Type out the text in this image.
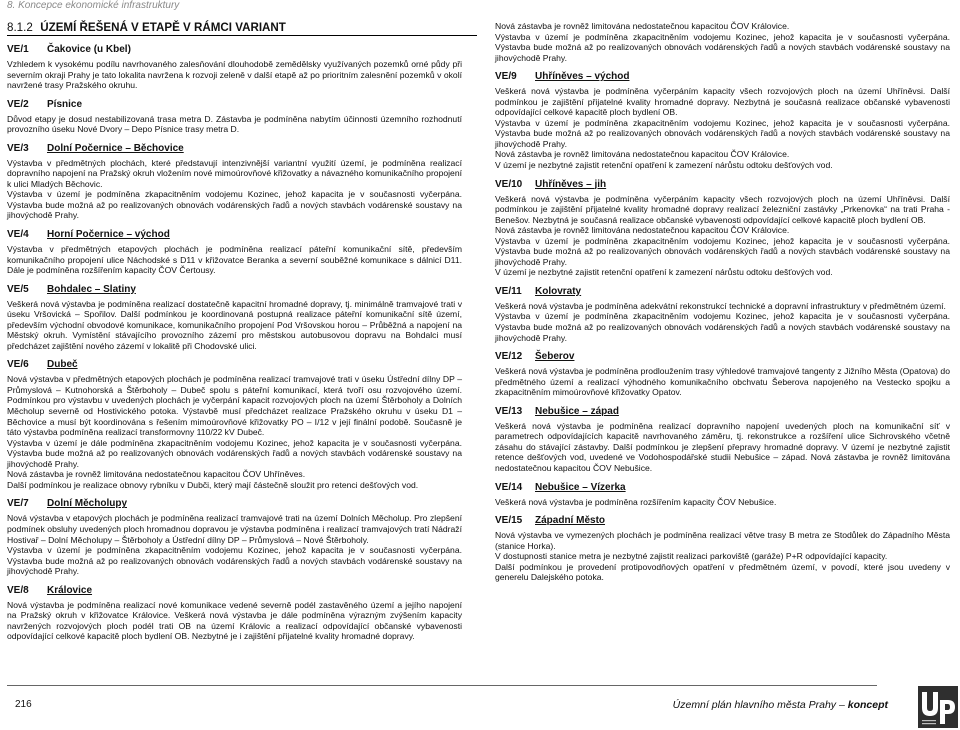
8. Koncepce ekonomické infrastruktury
8.1.2 ÚZEMÍ ŘEŠENÁ V ETAPĚ V RÁMCI VARIANT
VE/1 Čakovice (u Kbel)

Vzhledem k vysokému podílu navrhovaného zalesňování dlouhodobě zemědělsky využívaných pozemků orné půdy při severním okraji Prahy je tato lokalita navržena k rozvoji zeleně v další etapě až po prioritním zalesnění pozemků v okolí navržené trasy Pražského okruhu.

VE/2 Písnice

Důvod etapy je dosud nestabilizovaná trasa metra D. Zástavba je podmíněna nabytím účinnosti územního rozhodnutí provozního úseku Nové Dvory – Depo Písnice trasy metra D.

VE/3 Dolní Počernice – Běchovice

Výstavba v předmětných plochách, které představují intenzivnější variantní využití území, je podmíněna realizací dopravního napojení na Pražský okruh vložením nové mimoúrovňové křižovatky a návazného komunikačního propojení k ulici Mladých Běchovic.

Výstavba v území je podmíněna zkapacitněním vodojemu Kozinec, jehož kapacita je v současnosti vyčerpána. Výstavba bude možná až po realizovaných obnovách vodárenských řadů a nových stavbách vodárenské soustavy na jihovýchodě Prahy.

VE/4 Horní Počernice – východ

Výstavba v předmětných etapových plochách je podmíněna realizací páteřní komunikační sítě, především komunikačního propojení ulice Náchodské s D11 v křižovatce Beranka a severní souběžné komunikace s dálnicí D11. Dále je podmíněna rozšířením kapacity ČOV Čertousy.

VE/5 Bohdalec – Slatiny

Veškerá nová výstavba je podmíněna realizací dostatečně kapacitní hromadné dopravy, tj. minimálně tramvajové trati v úseku Vršovická – Spořilov. Další podmínkou je koordinovaná postupná realizace páteřní komunikační sítě území, především východní obvodové komunikace, komunikačního propojení Pod Vršovskou horou – Průběžná a napojení na Městský okruh. Vymístění stávajícího provozního zázemí pro městskou autobusovou dopravu na Bohdalci musí předcházet zajištění nového zázemí v lokalitě při Chodovské ulici.

VE/6 Dubeč

Nová výstavba v předmětných etapových plochách je podmíněna realizací tramvajové trati v úseku Ústřední dílny DP – Průmyslová – Kutnohorská a Štěrboholy – Dubeč spolu s páteřní komunikací, která tvoří osu rozvojového území. Podmínkou pro výstavbu v uvedených plochách je vyčerpání kapacit rozvojových ploch na území Štěrboholy a Dolních Měcholup severně od Hostivického potoka. Výstavbě musí předcházet realizace Pražského okruhu v úseku D1 – Běchovice a musí být koordinována s řešením mimoúrovňové křižovatky PO – I/12 v její finální podobě. Současně je táto výstavba podmíněna realizací transformovny 110/22 kV Dubeč.

Výstavba v území je dále podmíněna zkapacitněním vodojemu Kozinec, jehož kapacita je v současnosti vyčerpána. Výstavba bude možná až po realizovaných obnovách vodárenských řadů a nových stavbách vodárenské soustavy na jihovýchodě Prahy.

Nová zástavba je rovněž limitována nedostatečnou kapacitou ČOV Uhříněves.

Další podmínkou je realizace obnovy rybníku v Dubči, který mají částečně sloužit pro retenci dešťových vod.

VE/7 Dolní Měcholupy

Nová výstavba v etapových plochách je podmíněna realizací tramvajové trati na území Dolních Měcholup. Pro zlepšení podmínek obsluhy uvedených ploch hromadnou dopravou je výstavba podmíněna i realizací tramvajových tratí Nádraží Hostivař – Dolní Měcholupy – Štěrboholy a Ústřední dílny DP – Průmyslová – Nové Štěrboholy.

Výstavba v území je podmíněna zkapacitněním vodojemu Kozinec, jehož kapacita je v současnosti vyčerpána. Výstavba bude možná až po realizovaných obnovách vodárenských řadů a nových stavbách vodárenské soustavy na jihovýchodě Prahy.

VE/8 Královice

Nová výstavba je podmíněna realizací nové komunikace vedené severně podél zastavěného území a jejího napojení na Pražský okruh v křižovatce Královice. Veškerá nová výstavba je dále podmíněna výrazným zvýšením kapacity navržených rozvojových ploch podél trati OB na území Královic a realizací odpovídající občanské vybavenosti odpovídající celkové kapacitě ploch bydlení OB. Nezbytné je i zajištění přijatelné kvality hromadné dopravy.

Nová zástavba je rovněž limitována nedostatečnou kapacitou ČOV Královice.

Výstavba v území je podmíněna zkapacitněním vodojemu Kozinec, jehož kapacita je v současnosti vyčerpána. Výstavba bude možná až po realizovaných obnovách vodárenských řadů a nových stavbách vodárenské soustavy na jihovýchodě Prahy.

VE/9 Uhříněves – východ

Veškerá nová výstavba je podmíněna vyčerpáním kapacity všech rozvojových ploch na území Uhříněvsi. Další podmínkou je zajištění přijatelné kvality hromadné dopravy. Nezbytná je současná realizace občanské vybavenosti odpovídající celkové kapacitě ploch bydlení OB.

Výstavba v území je podmíněna zkapacitněním vodojemu Kozinec, jehož kapacita je v současnosti vyčerpána. Výstavba bude možná až po realizovaných obnovách vodárenských řadů a nových stavbách vodárenské soustavy na jihovýchodě Prahy.

Nová zástavba je rovněž limitována nedostatečnou kapacitou ČOV Královice.

V území je nezbytné zajistit retenční opatření k zamezení nárůstu odtoku dešťových vod.

VE/10 Uhříněves – jih

Veškerá nová výstavba je podmíněna vyčerpáním kapacity všech rozvojových ploch na území Uhříněvsi. Další podmínkou je zajištění přijatelné kvality hromadné dopravy realizací železniční zastávky „Prkenovka“ na trati Praha - Benešov. Nezbytná je současná realizace občanské vybavenosti odpovídající celkové kapacitě ploch bydlení OB.

Nová zástavba je rovněž limitována nedostatečnou kapacitou ČOV Královice.

Výstavba v území je podmíněna zkapacitněním vodojemu Kozinec, jehož kapacita je v současnosti vyčerpána. Výstavba bude možná až po realizovaných obnovách vodárenských řadů a nových stavbách vodárenské soustavy na jihovýchodě Prahy.

V území je nezbytné zajistit retenční opatření k zamezení nárůstu odtoku dešťových vod.

VE/11 Kolovraty

Veškerá nová výstavba je podmíněna adekvátní rekonstrukcí technické a dopravní infrastruktury v předmětném území.

Výstavba v území je podmíněna zkapacitněním vodojemu Kozinec, jehož kapacita je v současnosti vyčerpána. Výstavba bude možná až po realizovaných obnovách vodárenských řadů a nových stavbách vodárenské soustavy na jihovýchodě Prahy.

VE/12 Šeberov

Veškerá nová výstavba je podmíněna prodloužením trasy výhledové tramvajové tangenty z Jižního Města (Opatova) do předmětného území a realizací výhodného komunikačního obchvatu Šeberova napojeného na Vestecko spojku a zkapacitněním mimoúrovňové křižovatky Opatov.

VE/13 Nebušice – západ

Veškerá nová výstavba je podmíněna realizací dopravního napojení uvedených ploch na komunikační síť v parametrech odpovídajících kapacitě navrhovaného záměru, tj. rekonstrukce a rozšíření ulice Sichrovského včetně zásahu do stávající zástavby. Další podmínkou je zlepšení přepravy hromadné dopravy. V území je nezbytné zajistit retence dešťových vod, uvedené ve Vodohospodářské studii Nebušice – západ. Nová zástavba je rovněž limitována nedostatečnou kapacitou ČOV Nebušice.

VE/14 Nebušice – Vízerka

Veškerá nová výstavba je podmíněna rozšířením kapacity ČOV Nebušice.

VE/15 Západní Město

Nová výstavba ve vymezených plochách je podmíněna realizací větve trasy B metra ze Stodůlek do Západního Města (stanice Horka).

V dostupnosti stanice metra je nezbytné zajistit realizaci parkoviště (garáže) P+R odpovídající kapacity.

Další podmínkou je provedení protipovodňových opatření v předmětném území, v povodí, které jsou uvedeny v generelu Dalejského potoka.

216	Územní plán hlavního města Prahy – koncept
